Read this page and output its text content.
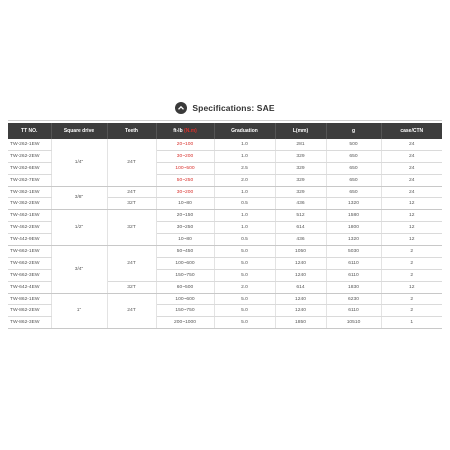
Specifications: SAE
TT NO.	Square drive	Teeth	ft-lb (N.m)	Graduation	L(mm)	g	case/CTN
TW-262-1EW	1/4"	24T	20~100	1.0	281	500	24
TW-262-2EW			30~200	1.0	329	650	24
TW-262-6EW			100~500	2.5	329	650	24
TW-262-7EW			50~250	2.0	329	650	24
TW-362-1EW	3/8"	24T	30~200	1.0	329	650	24
TW-362-2EW		32T	10~80	0.5	436	1320	12
TW-462-1EW	1/2"	32T	20~150	1.0	512	1580	12
TW-462-2EW			30~250	1.0	614	1800	12
TW-442-9EW			10~80	0.5	436	1320	12
TW-662-1EW	3/4"	24T	50~450	5.0	1050	5030	2
TW-662-2EW			100~600	5.0	1240	6110	2
TW-662-3EW			150~750	5.0	1240	6110	2
TW-642-4EW		32T	60~500	2.0	614	1830	12
TW-862-1EW	1"	24T	100~600	5.0	1240	6230	2
TW-862-2EW			150~750	5.0	1240	6110	2
TW-862-3EW			200~1000	5.0	1850	10510	1
